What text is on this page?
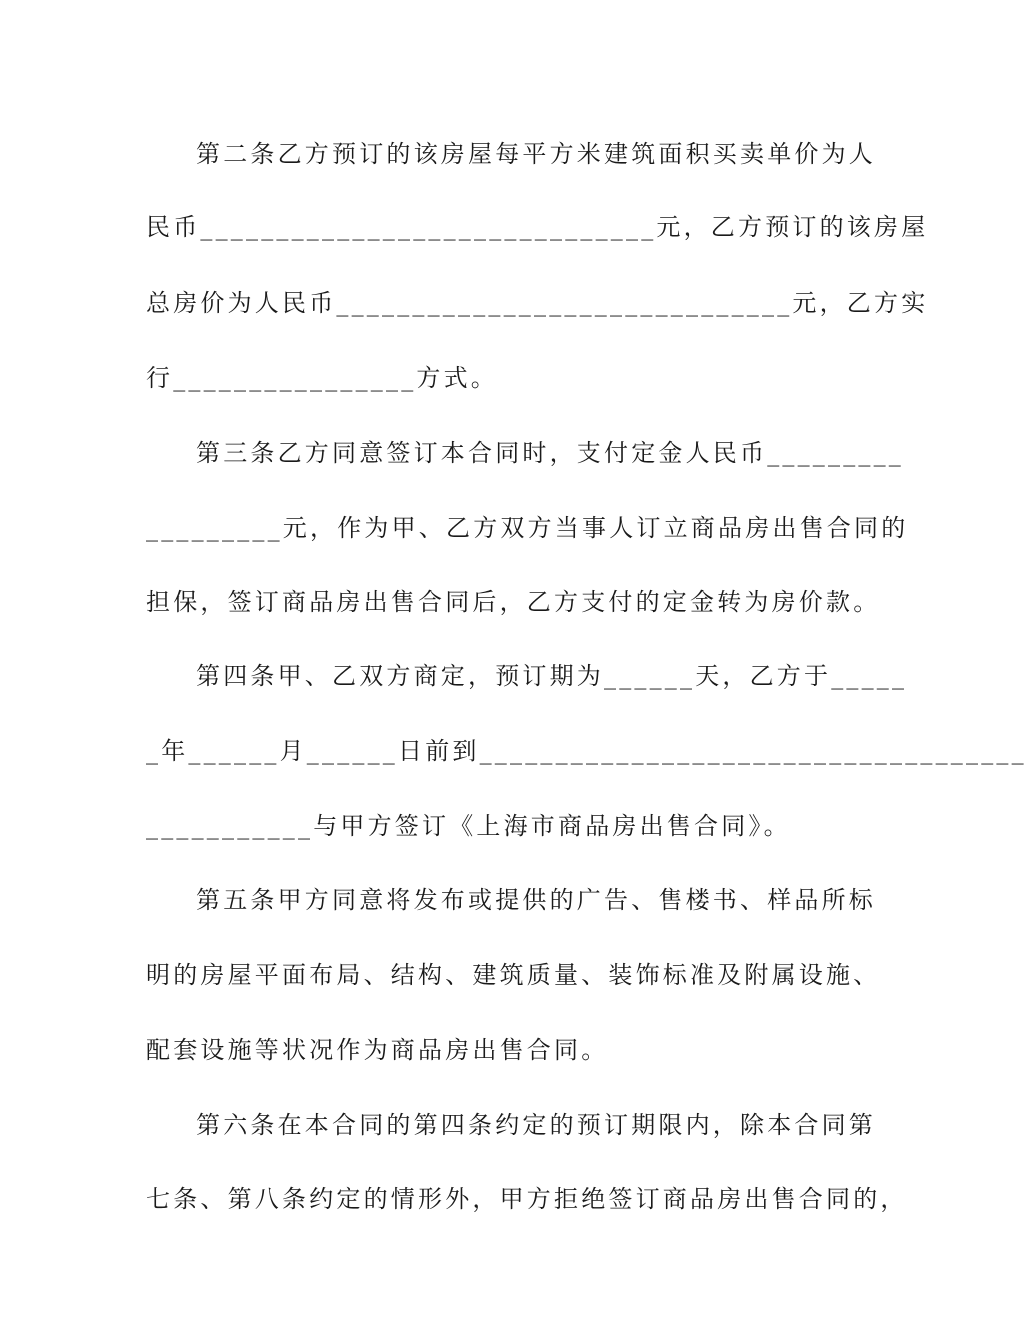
第二条乙方预订的该房屋每平方米建筑面积买卖单价为人
民币______________________________元，乙方预订的该房屋
总房价为人民币______________________________元，乙方实
行________________方式。
第三条乙方同意签订本合同时，支付定金人民币_________
_________元，作为甲、乙方双方当事人订立商品房出售合同的
担保，签订商品房出售合同后，乙方支付的定金转为房价款。
第四条甲、乙双方商定，预订期为______天，乙方于_____
_年______月______日前到____________________________________
___________与甲方签订《上海市商品房出售合同》。
第五条甲方同意将发布或提供的广告、售楼书、样品所标
明的房屋平面布局、结构、建筑质量、装饰标准及附属设施、
配套设施等状况作为商品房出售合同。
第六条在本合同的第四条约定的预订期限内，除本合同第
七条、第八条约定的情形外，甲方拒绝签订商品房出售合同的，
